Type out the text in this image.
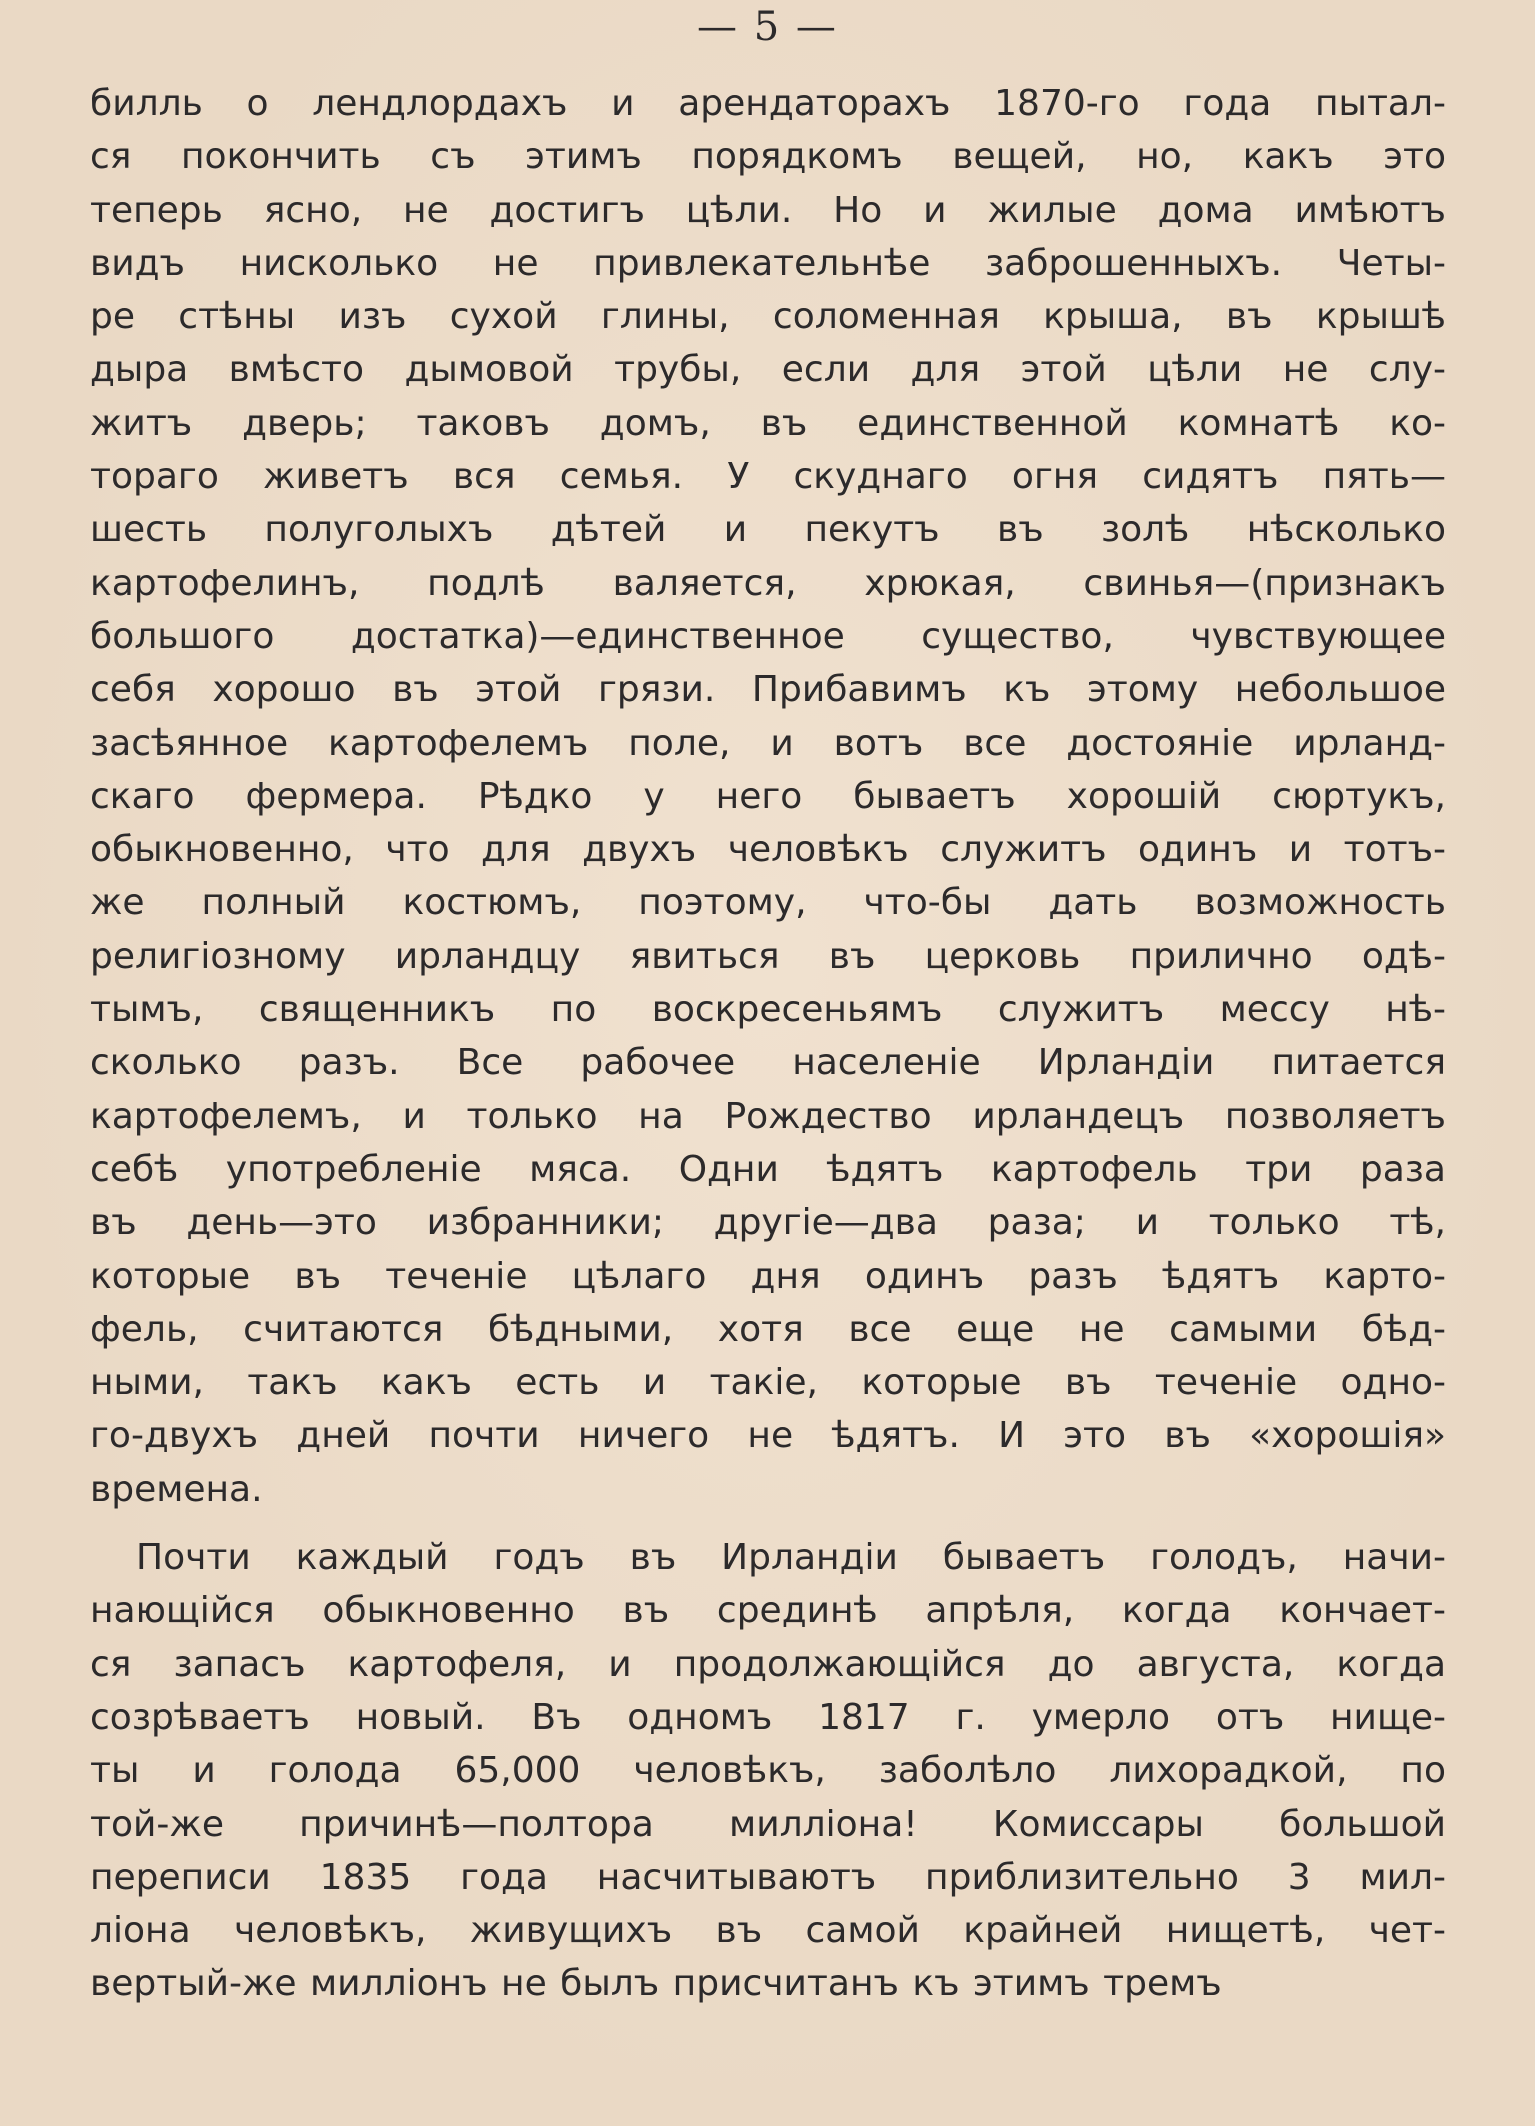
— 5 —
билль о лендлордахъ и арендаторахъ 1870-го года пытал-
ся покончить съ этимъ порядкомъ вещей, но, какъ это
теперь ясно, не достигъ цѣли. Но и жилые дома имѣютъ
видъ нисколько не привлекательнѣе заброшенныхъ. Четы-
ре стѣны изъ сухой глины, соломенная крыша, въ крышѣ
дыра вмѣсто дымовой трубы, если для этой цѣли не слу-
житъ дверь; таковъ домъ, въ единственной комнатѣ ко-
тораго живетъ вся семья. У скуднаго огня сидятъ пять—
шесть полуголыхъ дѣтей и пекутъ въ золѣ нѣсколько
картофелинъ, подлѣ валяется, хрюкая, свинья—(признакъ
большого достатка)—единственное существо, чувствующее
себя хорошо въ этой грязи. Прибавимъ къ этому небольшое
засѣянное картофелемъ поле, и вотъ все достояніе ирланд-
скаго фермера. Рѣдко у него бываетъ хорошій сюртукъ,
обыкновенно, что для двухъ человѣкъ служитъ одинъ и тотъ-
же полный костюмъ, поэтому, что-бы дать возможность
религіозному ирландцу явиться въ церковь прилично одѣ-
тымъ, священникъ по воскресеньямъ служитъ мессу нѣ-
сколько разъ. Все рабочее населеніе Ирландіи питается
картофелемъ, и только на Рождество ирландецъ позволяетъ
себѣ употребленіе мяса. Одни ѣдятъ картофель три раза
въ день—это избранники; другіе—два раза; и только тѣ,
которые въ теченіе цѣлаго дня одинъ разъ ѣдятъ карто-
фель, считаются бѣдными, хотя все еще не самыми бѣд-
ными, такъ какъ есть и такіе, которые въ теченіе одно-
го-двухъ дней почти ничего не ѣдятъ. И это въ «хорошія»
времена.
Почти каждый годъ въ Ирландіи бываетъ голодъ, начи-
нающійся обыкновенно въ срединѣ апрѣля, когда кончает-
ся запасъ картофеля, и продолжающійся до августа, когда
созрѣваетъ новый. Въ одномъ 1817 г. умерло отъ нище-
ты и голода 65,000 человѣкъ, заболѣло лихорадкой, по
той-же причинѣ—полтора милліона! Комиссары большой
переписи 1835 года насчитываютъ приблизительно 3 мил-
ліона человѣкъ, живущихъ въ самой крайней нищетѣ, чет-
вертый-же милліонъ не былъ присчитанъ къ этимъ тремъ
